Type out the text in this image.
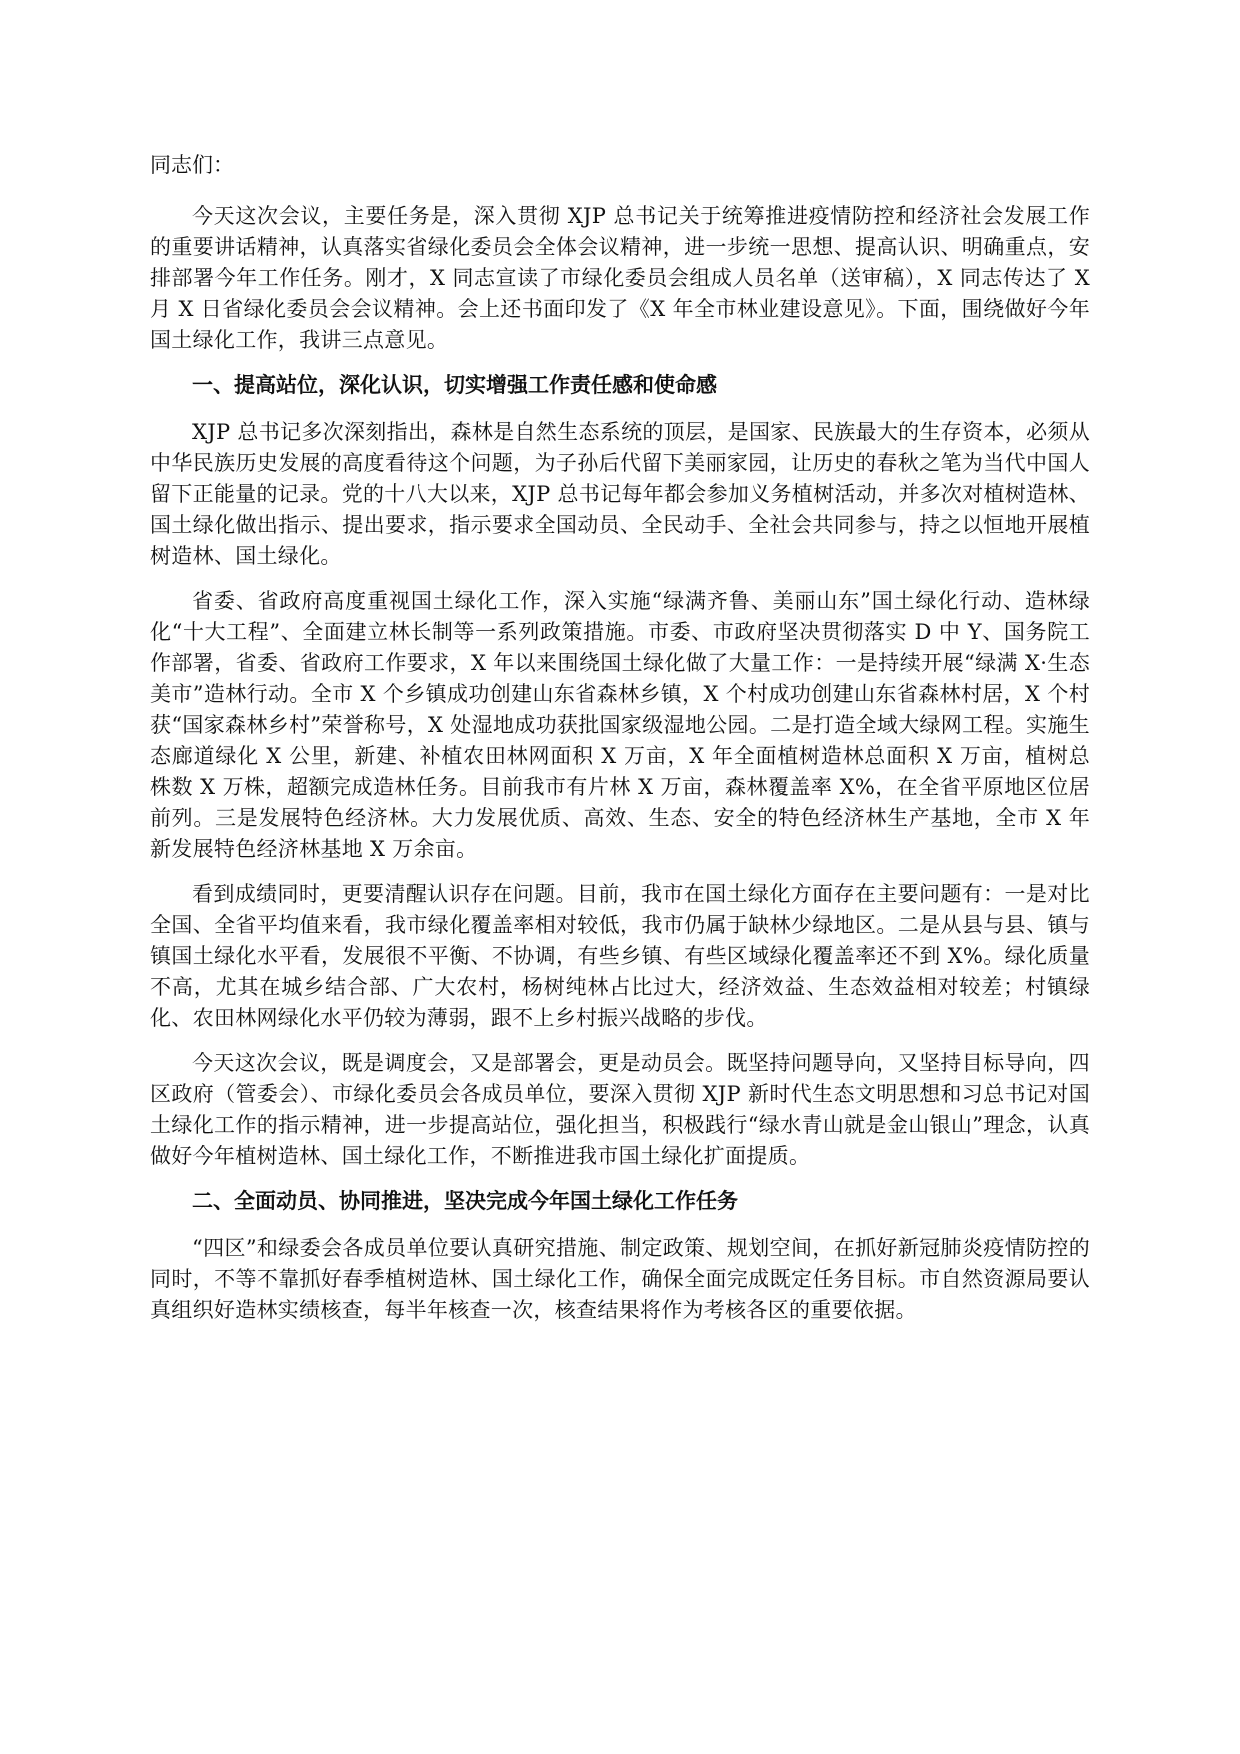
同志们：

今天这次会议，主要任务是，深入贯彻 XJP 总书记关于统筹推进疫情防控和经济社会发展工作的重要讲话精神，认真落实省绿化委员会全体会议精神，进一步统一思想、提高认识、明确重点，安排部署今年工作任务。刚才，X 同志宣读了市绿化委员会组成人员名单（送审稿），X 同志传达了 X 月 X 日省绿化委员会会议精神。会上还书面印发了《X 年全市林业建设意见》。下面，围绕做好今年国土绿化工作，我讲三点意见。

一、提高站位，深化认识，切实增强工作责任感和使命感

XJP 总书记多次深刻指出，森林是自然生态系统的顶层，是国家、民族最大的生存资本，必须从中华民族历史发展的高度看待这个问题，为子孙后代留下美丽家园，让历史的春秋之笔为当代中国人留下正能量的记录。党的十八大以来，XJP 总书记每年都会参加义务植树活动，并多次对植树造林、国土绿化做出指示、提出要求，指示要求全国动员、全民动手、全社会共同参与，持之以恒地开展植树造林、国土绿化。

省委、省政府高度重视国土绿化工作，深入实施“绿满齐鲁、美丽山东”国土绿化行动、造林绿化“十大工程”、全面建立林长制等一系列政策措施。市委、市政府坚决贯彻落实 D 中 Y、国务院工作部署，省委、省政府工作要求，X 年以来围绕国土绿化做了大量工作：一是持续开展“绿满 X·生态美市”造林行动。全市 X 个乡镇成功创建山东省森林乡镇，X 个村成功创建山东省森林村居，X 个村获“国家森林乡村”荣誉称号，X 处湿地成功获批国家级湿地公园。二是打造全域大绿网工程。实施生态廊道绿化 X 公里，新建、补植农田林网面积 X 万亩，X 年全面植树造林总面积 X 万亩，植树总株数 X 万株，超额完成造林任务。目前我市有片林 X 万亩，森林覆盖率 X%，在全省平原地区位居前列。三是发展特色经济林。大力发展优质、高效、生态、安全的特色经济林生产基地，全市 X 年新发展特色经济林基地 X 万余亩。

看到成绩同时，更要清醒认识存在问题。目前，我市在国土绿化方面存在主要问题有：一是对比全国、全省平均值来看，我市绿化覆盖率相对较低，我市仍属于缺林少绿地区。二是从县与县、镇与镇国土绿化水平看，发展很不平衡、不协调，有些乡镇、有些区域绿化覆盖率还不到 X%。绿化质量不高，尤其在城乡结合部、广大农村，杨树纯林占比过大，经济效益、生态效益相对较差；村镇绿化、农田林网绿化水平仍较为薄弱，跟不上乡村振兴战略的步伐。

今天这次会议，既是调度会，又是部署会，更是动员会。既坚持问题导向，又坚持目标导向，四区政府（管委会）、市绿化委员会各成员单位，要深入贯彻 XJP 新时代生态文明思想和习总书记对国土绿化工作的指示精神，进一步提高站位，强化担当，积极践行“绿水青山就是金山银山”理念，认真做好今年植树造林、国土绿化工作，不断推进我市国土绿化扩面提质。

二、全面动员、协同推进，坚决完成今年国土绿化工作任务

“四区”和绿委会各成员单位要认真研究措施、制定政策、规划空间，在抓好新冠肺炎疫情防控的同时，不等不靠抓好春季植树造林、国土绿化工作，确保全面完成既定任务目标。市自然资源局要认真组织好造林实绩核查，每半年核查一次，核查结果将作为考核各区的重要依据。
